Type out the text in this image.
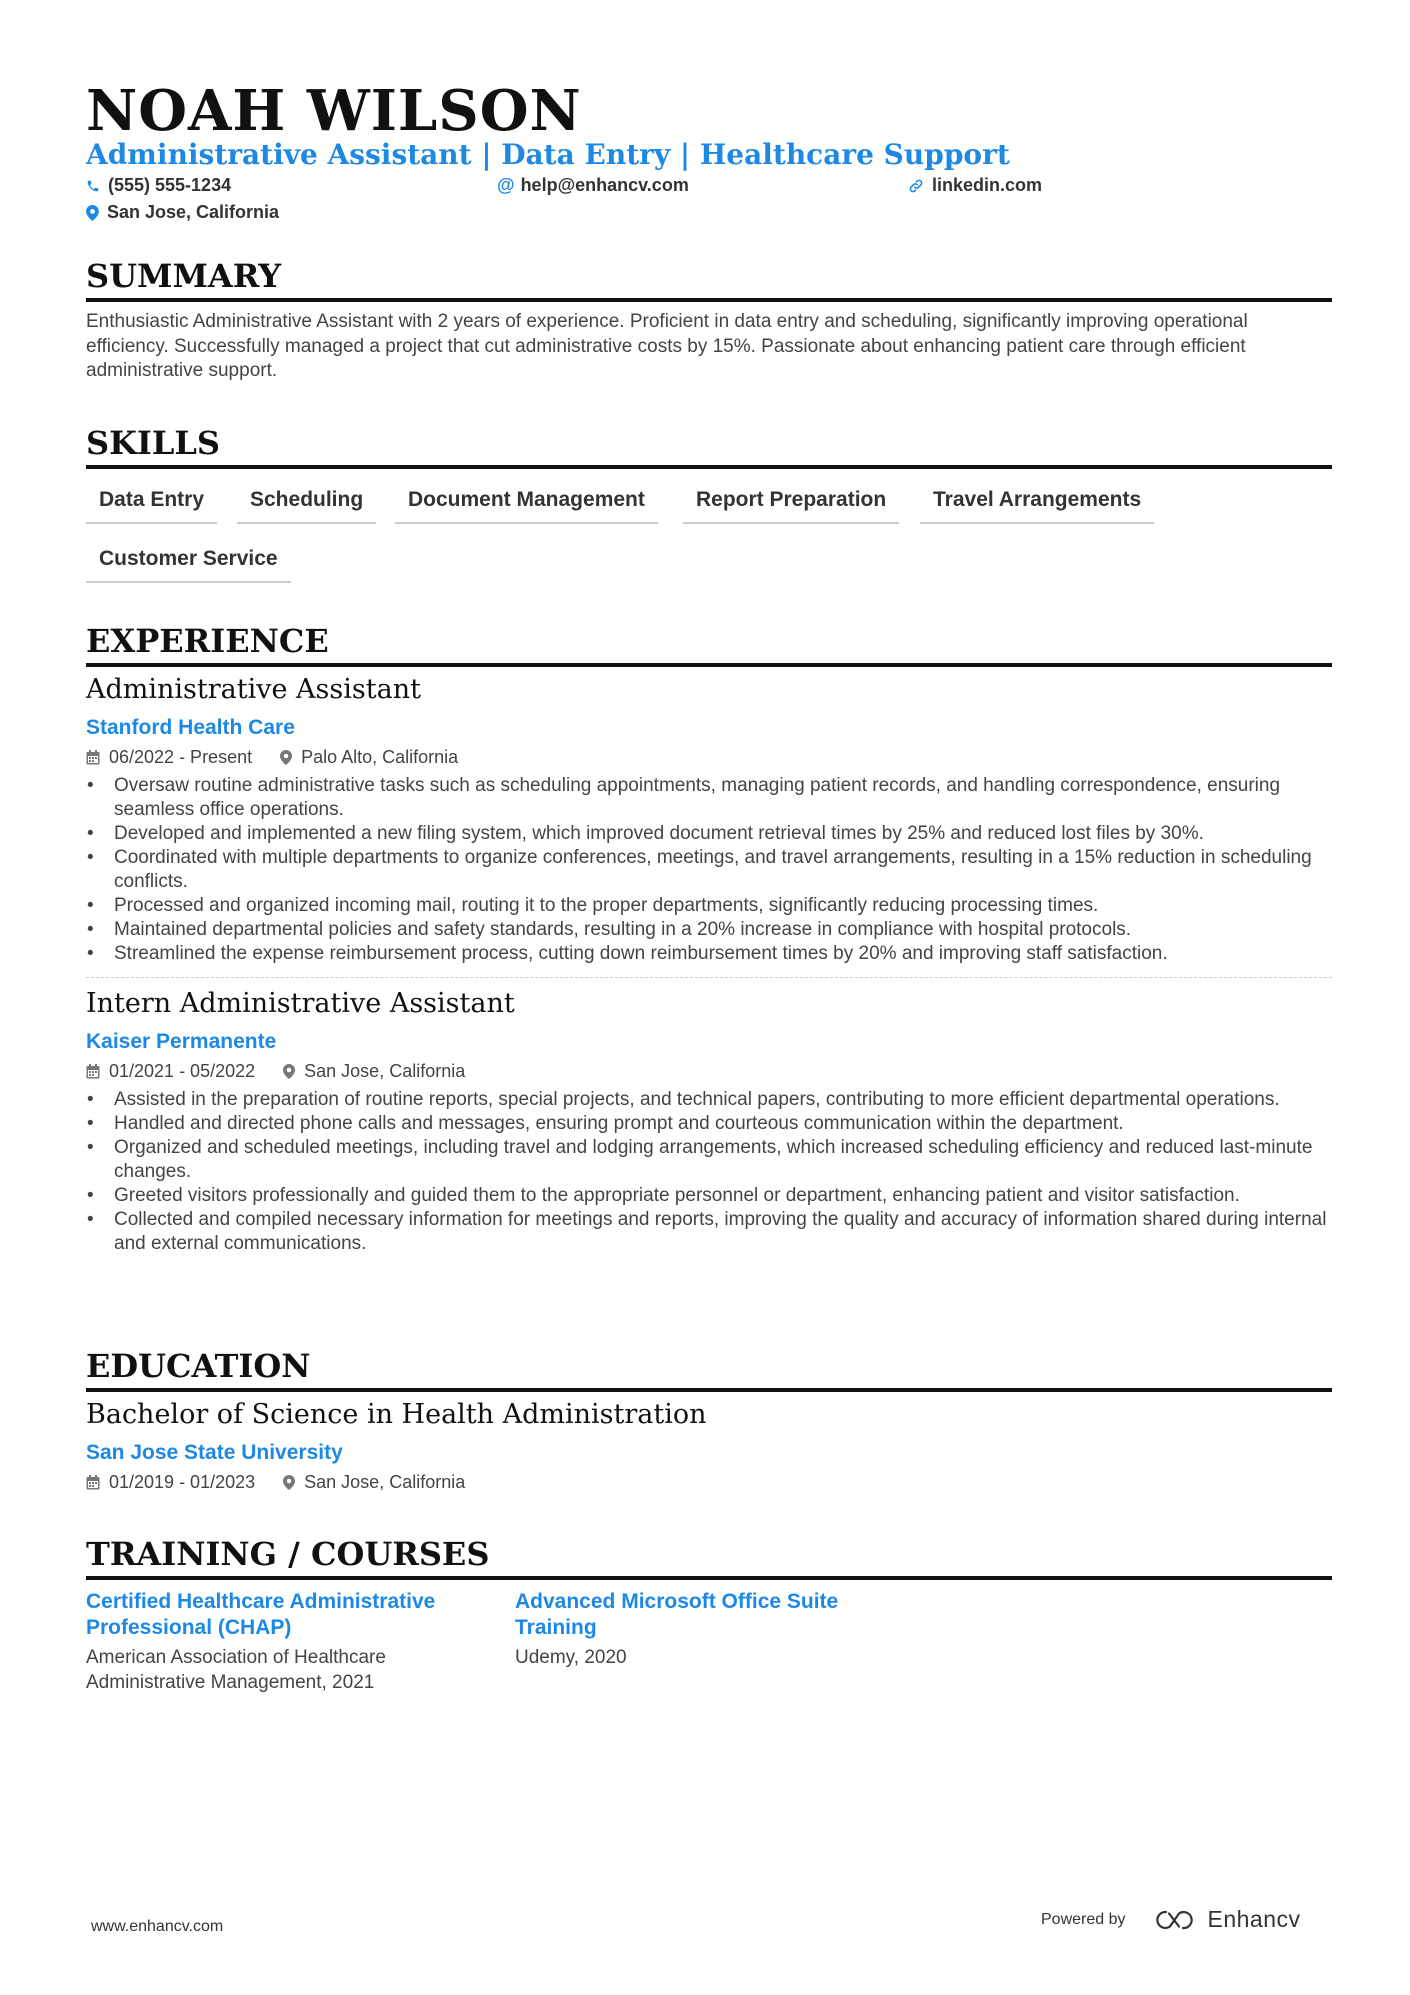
NOAH WILSON
Administrative Assistant | Data Entry | Healthcare Support
(555) 555-1234	@ help@enhancv.com	linkedin.com
San Jose, California
SUMMARY
Enthusiastic Administrative Assistant with 2 years of experience. Proficient in data entry and scheduling, significantly improving operational efficiency. Successfully managed a project that cut administrative costs by 15%. Passionate about enhancing patient care through efficient administrative support.
SKILLS
Data Entry	Scheduling	Document Management	Report Preparation	Travel Arrangements
Customer Service
EXPERIENCE
Administrative Assistant
Stanford Health Care
06/2022 - Present	Palo Alto, California
• Oversaw routine administrative tasks such as scheduling appointments, managing patient records, and handling correspondence, ensuring seamless office operations.
• Developed and implemented a new filing system, which improved document retrieval times by 25% and reduced lost files by 30%.
• Coordinated with multiple departments to organize conferences, meetings, and travel arrangements, resulting in a 15% reduction in scheduling conflicts.
• Processed and organized incoming mail, routing it to the proper departments, significantly reducing processing times.
• Maintained departmental policies and safety standards, resulting in a 20% increase in compliance with hospital protocols.
• Streamlined the expense reimbursement process, cutting down reimbursement times by 20% and improving staff satisfaction.
Intern Administrative Assistant
Kaiser Permanente
01/2021 - 05/2022	San Jose, California
• Assisted in the preparation of routine reports, special projects, and technical papers, contributing to more efficient departmental operations.
• Handled and directed phone calls and messages, ensuring prompt and courteous communication within the department.
• Organized and scheduled meetings, including travel and lodging arrangements, which increased scheduling efficiency and reduced last-minute changes.
• Greeted visitors professionally and guided them to the appropriate personnel or department, enhancing patient and visitor satisfaction.
• Collected and compiled necessary information for meetings and reports, improving the quality and accuracy of information shared during internal and external communications.
EDUCATION
Bachelor of Science in Health Administration
San Jose State University
01/2019 - 01/2023	San Jose, California
TRAINING / COURSES
Certified Healthcare Administrative Professional (CHAP)
American Association of Healthcare Administrative Management, 2021
Advanced Microsoft Office Suite Training
Udemy, 2020
www.enhancv.com	Powered by	Enhancv
